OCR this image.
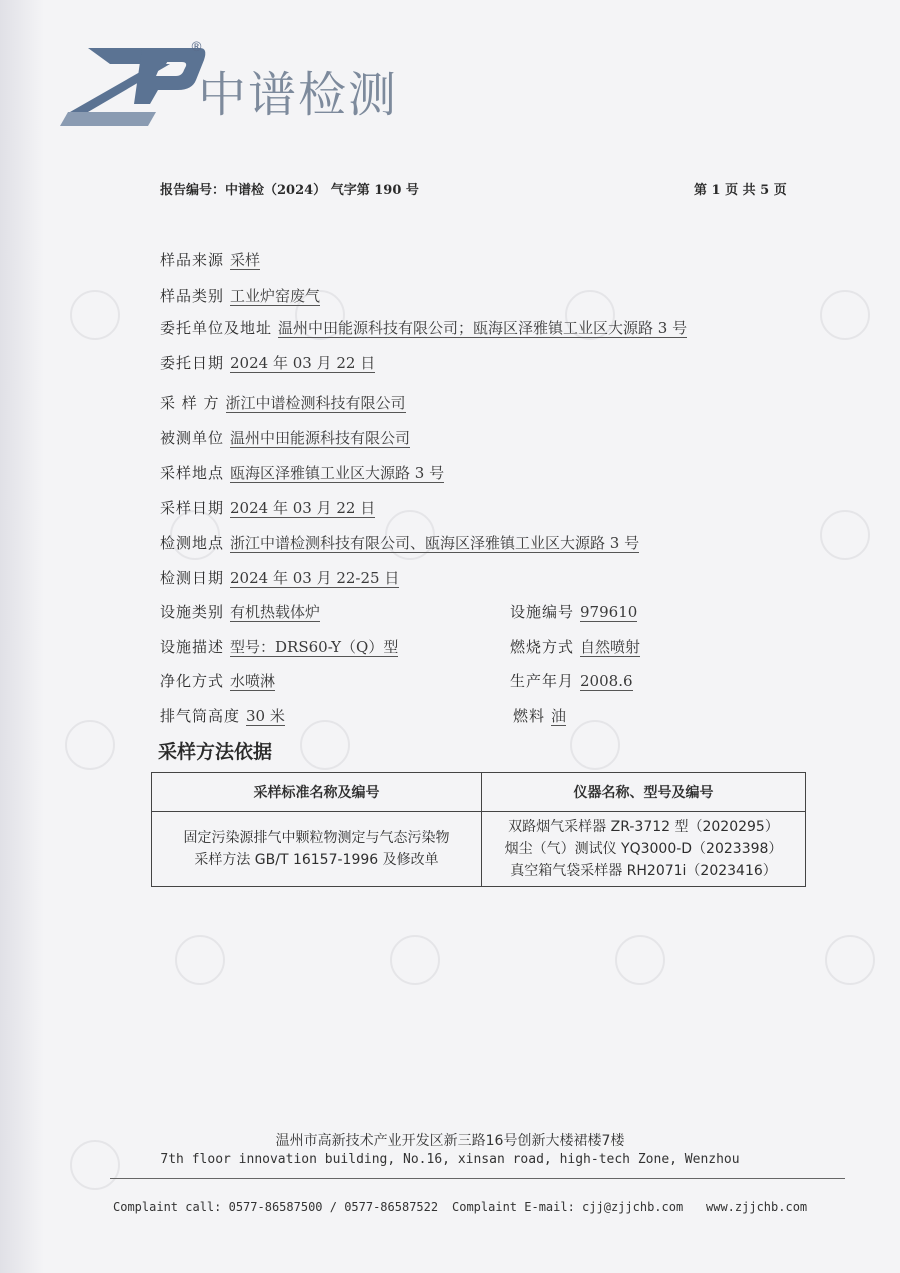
®
中谱检测
报告编号：中谱检（2024） 气字第 190 号	第 1 页 共 5 页
样品来源 采样
样品类别 工业炉窑废气
委托单位及地址 温州中田能源科技有限公司；瓯海区泽雅镇工业区大源路 3 号
委托日期 2024 年 03 月 22 日
采 样 方 浙江中谱检测科技有限公司
被测单位 温州中田能源科技有限公司
采样地点 瓯海区泽雅镇工业区大源路 3 号
采样日期 2024 年 03 月 22 日
检测地点 浙江中谱检测科技有限公司、瓯海区泽雅镇工业区大源路 3 号
检测日期 2024 年 03 月 22-25 日
设施类别 有机热载体炉	设施编号 979610
设施描述 型号：DRS60-Y（Q）型	燃烧方式 自然喷射
净化方式 水喷淋	生产年月 2008.6
排气筒高度 30 米	燃料 油
采样方法依据
采样标准名称及编号	仪器名称、型号及编号

固定污染源排气中颗粒物测定与气态污染物
采样方法 GB/T 16157-1996 及修改单	双路烟气采样器 ZR-3712 型（2020295）
烟尘（气）测试仪 YQ3000-D（2023398）
真空箱气袋采样器 RH2071i（2023416）
温州市高新技术产业开发区新三路16号创新大楼裙楼7楼
7th floor innovation building, No.16, xinsan road, high-tech Zone, Wenzhou
Complaint call: 0577-86587500 / 0577-86587522 Complaint E-mail: cjj@zjjchb.com www.zjjchb.com
